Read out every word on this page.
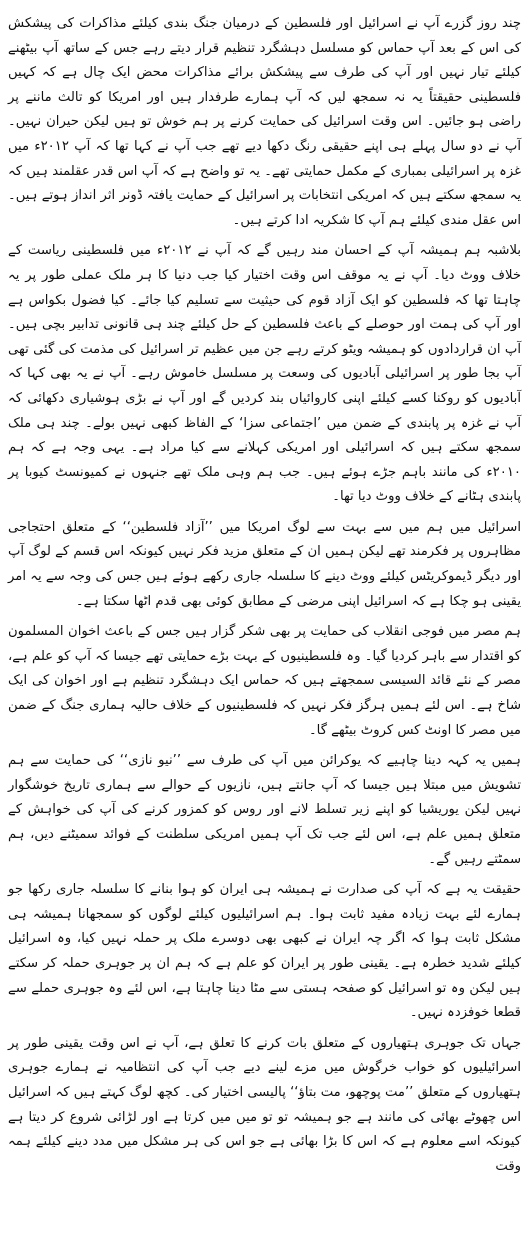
چند روز گزرے آپ نے اسرائیل اور فلسطین کے درمیان جنگ بندی کیلئے مذاکرات کی پیشکش کی اس کے بعد آپ حماس کو مسلسل دہشگرد تنظیم قرار دیتے رہے جس کے ساتھ آپ بیٹھنے کیلئے تیار نہیں اور آپ کی طرف سے پیشکش برائے مذاکرات محض ایک چال ہے کہ کہیں فلسطینی حقیقتاً یہ نہ سمجھ لیں کہ آپ ہمارے طرفدار ہیں اور امریکا کو تالث ماننے پر راضی ہو جائیں۔ اس وقت اسرائیل کی حمایت کرنے پر ہم خوش تو ہیں لیکن حیران نہیں۔ آپ نے دو سال پہلے ہی اپنے حقیقی رنگ دکھا دیے تھے جب آپ نے کہا تھا کہ آپ ۲۰۱۲ء میں غزہ پر اسرائیلی بمباری کے مکمل حمایتی تھے۔ یہ تو واضح ہے کہ آپ اس قدر عقلمند ہیں کہ یہ سمجھ سکتے ہیں کہ امریکی انتخابات پر اسرائیل کے حمایت یافتہ ڈونر اثر انداز ہوتے ہیں۔ اس عقل مندی کیلئے ہم آپ کا شکریہ ادا کرتے ہیں۔

بلاشبہ ہم ہمیشہ آپ کے احسان مند رہیں گے کہ آپ نے ۲۰۱۲ء میں فلسطینی ریاست کے خلاف ووٹ دیا۔ آپ نے یہ موقف اس وقت اختیار کیا جب دنیا کا ہر ملک عملی طور پر یہ چاہتا تھا کہ فلسطین کو ایک آزاد قوم کی حیثیت سے تسلیم کیا جائے۔ کیا فضول بکواس ہے اور آپ کی ہمت اور حوصلے کے باعث فلسطین کے حل کیلئے چند ہی قانونی تدابیر بچی ہیں۔ آپ ان قراردادوں کو ہمیشہ ویٹو کرتے رہے جن میں عظیم تر اسرائیل کی مذمت کی گئی تھی آپ بجا طور پر اسرائیلی آبادیوں کی وسعت پر مسلسل خاموش رہے۔ آپ نے یہ بھی کہا کہ آبادیوں کو روکنا کسے کیلئے اپنی کاروائیاں بند کردیں گے اور آپ نے بڑی ہوشیاری دکھائی کہ آپ نے غزہ پر پابندی کے ضمن میں ’اجتماعی سزا‘ کے الفاظ کبھی نہیں بولے۔ چند ہی ملک سمجھ سکتے ہیں کہ اسرائیلی اور امریکی کہلانے سے کیا مراد ہے۔ یہی وجہ ہے کہ ہم ۲۰۱۰ء کی مانند باہم جڑے ہوئے ہیں۔ جب ہم وہی ملک تھے جنہوں نے کمیونسٹ کیوبا پر پابندی ہٹانے کے خلاف ووٹ دیا تھا۔

اسرائیل میں ہم میں سے بہت سے لوگ امریکا میں ’’آزاد فلسطین‘‘ کے متعلق احتجاجی مظاہروں پر فکرمند تھے لیکن ہمیں ان کے متعلق مزید فکر نہیں کیونکہ اس قسم کے لوگ آپ اور دیگر ڈیموکریٹس کیلئے ووٹ دینے کا سلسلہ جاری رکھے ہوئے ہیں جس کی وجہ سے یہ امر یقینی ہو چکا ہے کہ اسرائیل اپنی مرضی کے مطابق کوئی بھی قدم اٹھا سکتا ہے۔

ہم مصر میں فوجی انقلاب کی حمایت پر بھی شکر گزار ہیں جس کے باعث اخوان المسلمون کو اقتدار سے باہر کردیا گیا۔ وہ فلسطینیوں کے بہت بڑے حمایتی تھے جیسا کہ آپ کو علم ہے، مصر کے نئے قائد السیسی سمجھتے ہیں کہ حماس ایک دہشگرد تنظیم ہے اور اخوان کی ایک شاخ ہے۔ اس لئے ہمیں ہرگز فکر نہیں کہ فلسطینیوں کے خلاف حالیہ ہماری جنگ کے ضمن میں مصر کا اونٹ کس کروٹ بیٹھے گا۔

ہمیں یہ کہہ دینا چاہیے کہ یوکرائن میں آپ کی طرف سے ’’نیو نازی‘‘ کی حمایت سے ہم تشویش میں مبتلا ہیں جیسا کہ آپ جانتے ہیں، نازیوں کے حوالے سے ہماری تاریخ خوشگوار نہیں لیکن یوریشیا کو اپنے زیر تسلط لانے اور روس کو کمزور کرنے کی آپ کی خواہش کے متعلق ہمیں علم ہے، اس لئے جب تک آپ ہمیں امریکی سلطنت کے فوائد سمیٹنے دیں، ہم سمٹتے رہیں گے۔

حقیقت یہ ہے کہ آپ کی صدارت نے ہمیشہ ہی ایران کو ہوا بنانے کا سلسلہ جاری رکھا جو ہمارے لئے بہت زیادہ مفید ثابت ہوا۔ ہم اسرائیلیوں کیلئے لوگوں کو سمجھانا ہمیشہ ہی مشکل ثابت ہوا کہ اگر چہ ایران نے کبھی بھی دوسرے ملک پر حملہ نہیں کیا، وہ اسرائیل کیلئے شدید خطرہ ہے۔ یقینی طور پر ایران کو علم ہے کہ ہم ان پر جوہری حملہ کر سکتے ہیں لیکن وہ تو اسرائیل کو صفحہ ہستی سے مٹا دینا چاہتا ہے، اس لئے وہ جوہری حملے سے قطعا خوفزدہ نہیں۔

جہاں تک جوہری ہتھیاروں کے متعلق بات کرنے کا تعلق ہے، آپ نے اس وقت یقینی طور پر اسرائیلیوں کو خواب خرگوش میں مزے لینے دیے جب آپ کی انتظامیہ نے ہمارے جوہری ہتھیاروں کے متعلق ’’مت پوچھو، مت بتاؤ‘‘ پالیسی اختیار کی۔ کچھ لوگ کہتے ہیں کہ اسرائیل اس چھوٹے بھائی کی مانند ہے جو ہمیشہ تو تو میں میں کرتا ہے اور لڑائی شروع کر دیتا ہے کیونکہ اسے معلوم ہے کہ اس کا بڑا بھائی ہے جو اس کی ہر مشکل میں مدد دینے کیلئے ہمہ وقت
